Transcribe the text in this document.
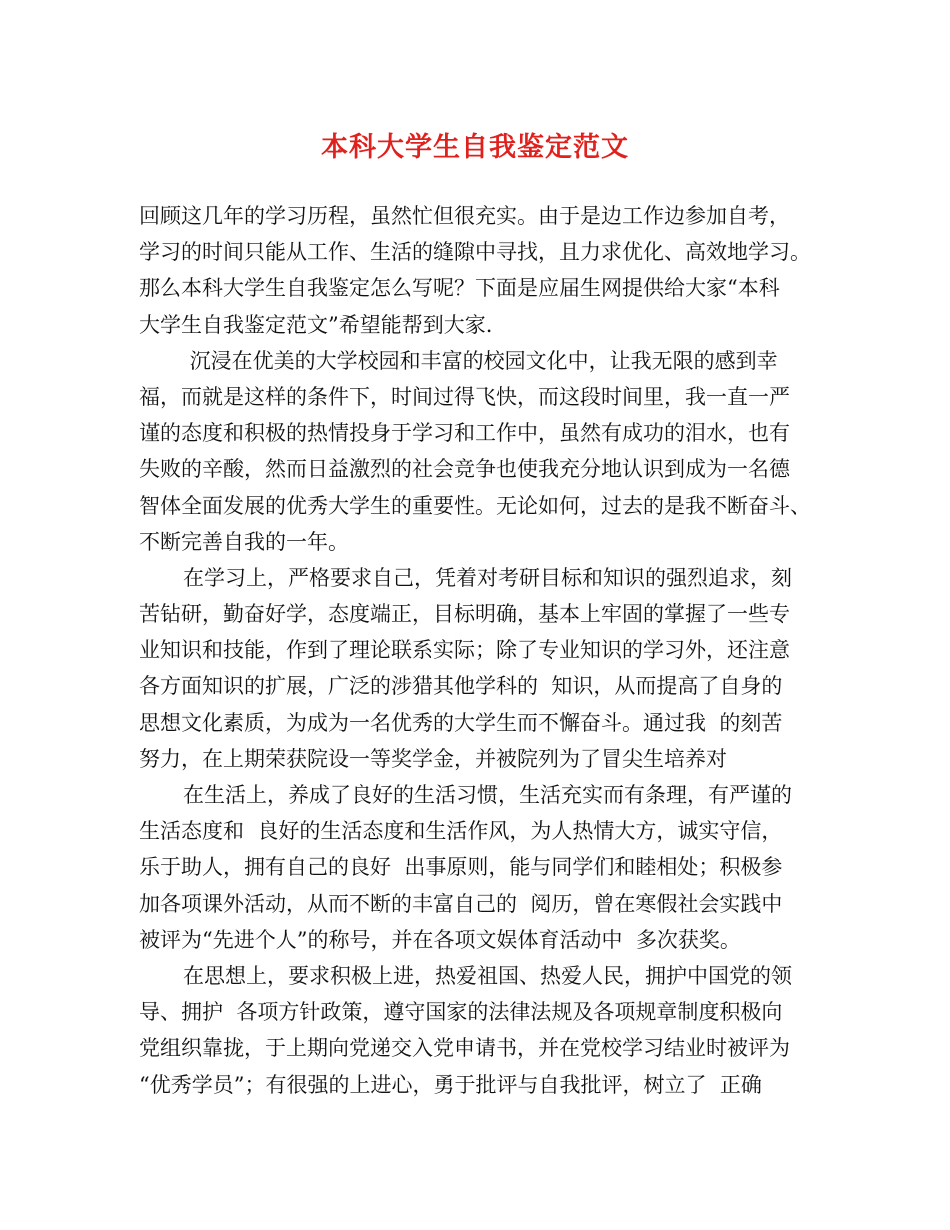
本科大学生自我鉴定范文
回顾这几年的学习历程，虽然忙但很充实。由于是边工作边参加自考，
学习的时间只能从工作、生活的缝隙中寻找，且力求优化、高效地学习。
那么本科大学生自我鉴定怎么写呢？下面是应届生网提供给大家“本科
大学生自我鉴定范文”希望能帮到大家.
沉浸在优美的大学校园和丰富的校园文化中，让我无限的感到幸
福，而就是这样的条件下，时间过得飞快，而这段时间里，我一直一严
谨的态度和积极的热情投身于学习和工作中，虽然有成功的泪水，也有
失败的辛酸，然而日益激烈的社会竞争也使我充分地认识到成为一名德
智体全面发展的优秀大学生的重要性。无论如何，过去的是我不断奋斗、
不断完善自我的一年。
在学习上，严格要求自己，凭着对考研目标和知识的强烈追求，刻
苦钻研，勤奋好学，态度端正，目标明确，基本上牢固的掌握了一些专
业知识和技能，作到了理论联系实际；除了专业知识的学习外，还注意
各方面知识的扩展，广泛的涉猎其他学科的  知识，从而提高了自身的
思想文化素质，为成为一名优秀的大学生而不懈奋斗。通过我  的刻苦
努力，在上期荣获院设一等奖学金，并被院列为了冒尖生培养对
在生活上，养成了良好的生活习惯，生活充实而有条理，有严谨的
生活态度和  良好的生活态度和生活作风，为人热情大方，诚实守信，
乐于助人，拥有自己的良好  出事原则，能与同学们和睦相处；积极参
加各项课外活动，从而不断的丰富自己的  阅历，曾在寒假社会实践中
被评为“先进个人”的称号，并在各项文娱体育活动中  多次获奖。
在思想上，要求积极上进，热爱祖国、热爱人民，拥护中国党的领
导、拥护  各项方针政策，遵守国家的法律法规及各项规章制度积极向
党组织靠拢，于上期向党递交入党申请书，并在党校学习结业时被评为
“优秀学员”；有很强的上进心，勇于批评与自我批评，树立了  正确
